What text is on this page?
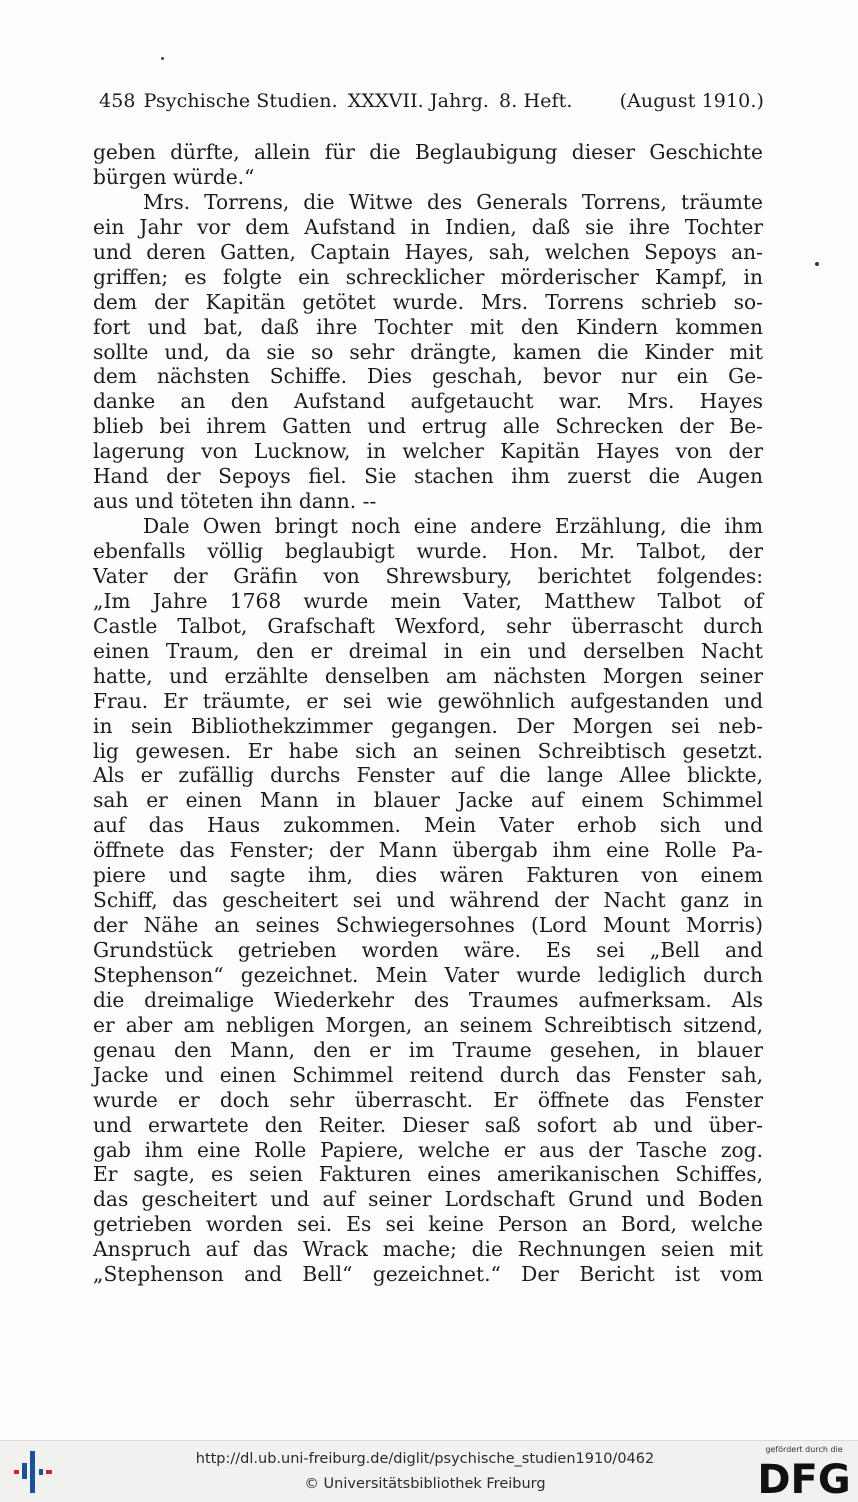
458 Psychische Studien. XXXVII. Jahrg. 8. Heft. (August 1910.)
geben dürfte, allein für die Beglaubigung dieser Geschichte
bürgen würde.“
Mrs. Torrens, die Witwe des Generals Torrens, träumte
ein Jahr vor dem Aufstand in Indien, daß sie ihre Tochter
und deren Gatten, Captain Hayes, sah, welchen Sepoys an-
griffen; es folgte ein schrecklicher mörderischer Kampf, in
dem der Kapitän getötet wurde. Mrs. Torrens schrieb so-
fort und bat, daß ihre Tochter mit den Kindern kommen
sollte und, da sie so sehr drängte, kamen die Kinder mit
dem nächsten Schiffe. Dies geschah, bevor nur ein Ge-
danke an den Aufstand aufgetaucht war. Mrs. Hayes
blieb bei ihrem Gatten und ertrug alle Schrecken der Be-
lagerung von Lucknow, in welcher Kapitän Hayes von der
Hand der Sepoys fiel. Sie stachen ihm zuerst die Augen
aus und töteten ihn dann. --
Dale Owen bringt noch eine andere Erzählung, die ihm
ebenfalls völlig beglaubigt wurde. Hon. Mr. Talbot, der
Vater der Gräfin von Shrewsbury, berichtet folgendes:
„Im Jahre 1768 wurde mein Vater, Matthew Talbot of
Castle Talbot, Grafschaft Wexford, sehr überrascht durch
einen Traum, den er dreimal in ein und derselben Nacht
hatte, und erzählte denselben am nächsten Morgen seiner
Frau. Er träumte, er sei wie gewöhnlich aufgestanden und
in sein Bibliothekzimmer gegangen. Der Morgen sei neb-
lig gewesen. Er habe sich an seinen Schreibtisch gesetzt.
Als er zufällig durchs Fenster auf die lange Allee blickte,
sah er einen Mann in blauer Jacke auf einem Schimmel
auf das Haus zukommen. Mein Vater erhob sich und
öffnete das Fenster; der Mann übergab ihm eine Rolle Pa-
piere und sagte ihm, dies wären Fakturen von einem
Schiff, das gescheitert sei und während der Nacht ganz in
der Nähe an seines Schwiegersohnes (Lord Mount Morris)
Grundstück getrieben worden wäre. Es sei „Bell and
Stephenson“ gezeichnet. Mein Vater wurde lediglich durch
die dreimalige Wiederkehr des Traumes aufmerksam. Als
er aber am nebligen Morgen, an seinem Schreibtisch sitzend,
genau den Mann, den er im Traume gesehen, in blauer
Jacke und einen Schimmel reitend durch das Fenster sah,
wurde er doch sehr überrascht. Er öffnete das Fenster
und erwartete den Reiter. Dieser saß sofort ab und über-
gab ihm eine Rolle Papiere, welche er aus der Tasche zog.
Er sagte, es seien Fakturen eines amerikanischen Schiffes,
das gescheitert und auf seiner Lordschaft Grund und Boden
getrieben worden sei. Es sei keine Person an Bord, welche
Anspruch auf das Wrack mache; die Rechnungen seien mit
„Stephenson and Bell“ gezeichnet.“ Der Bericht ist vom
http://dl.ub.uni-freiburg.de/diglit/psychische_studien1910/0462
© Universitätsbibliothek Freiburg
gefördert durch die
DFG
